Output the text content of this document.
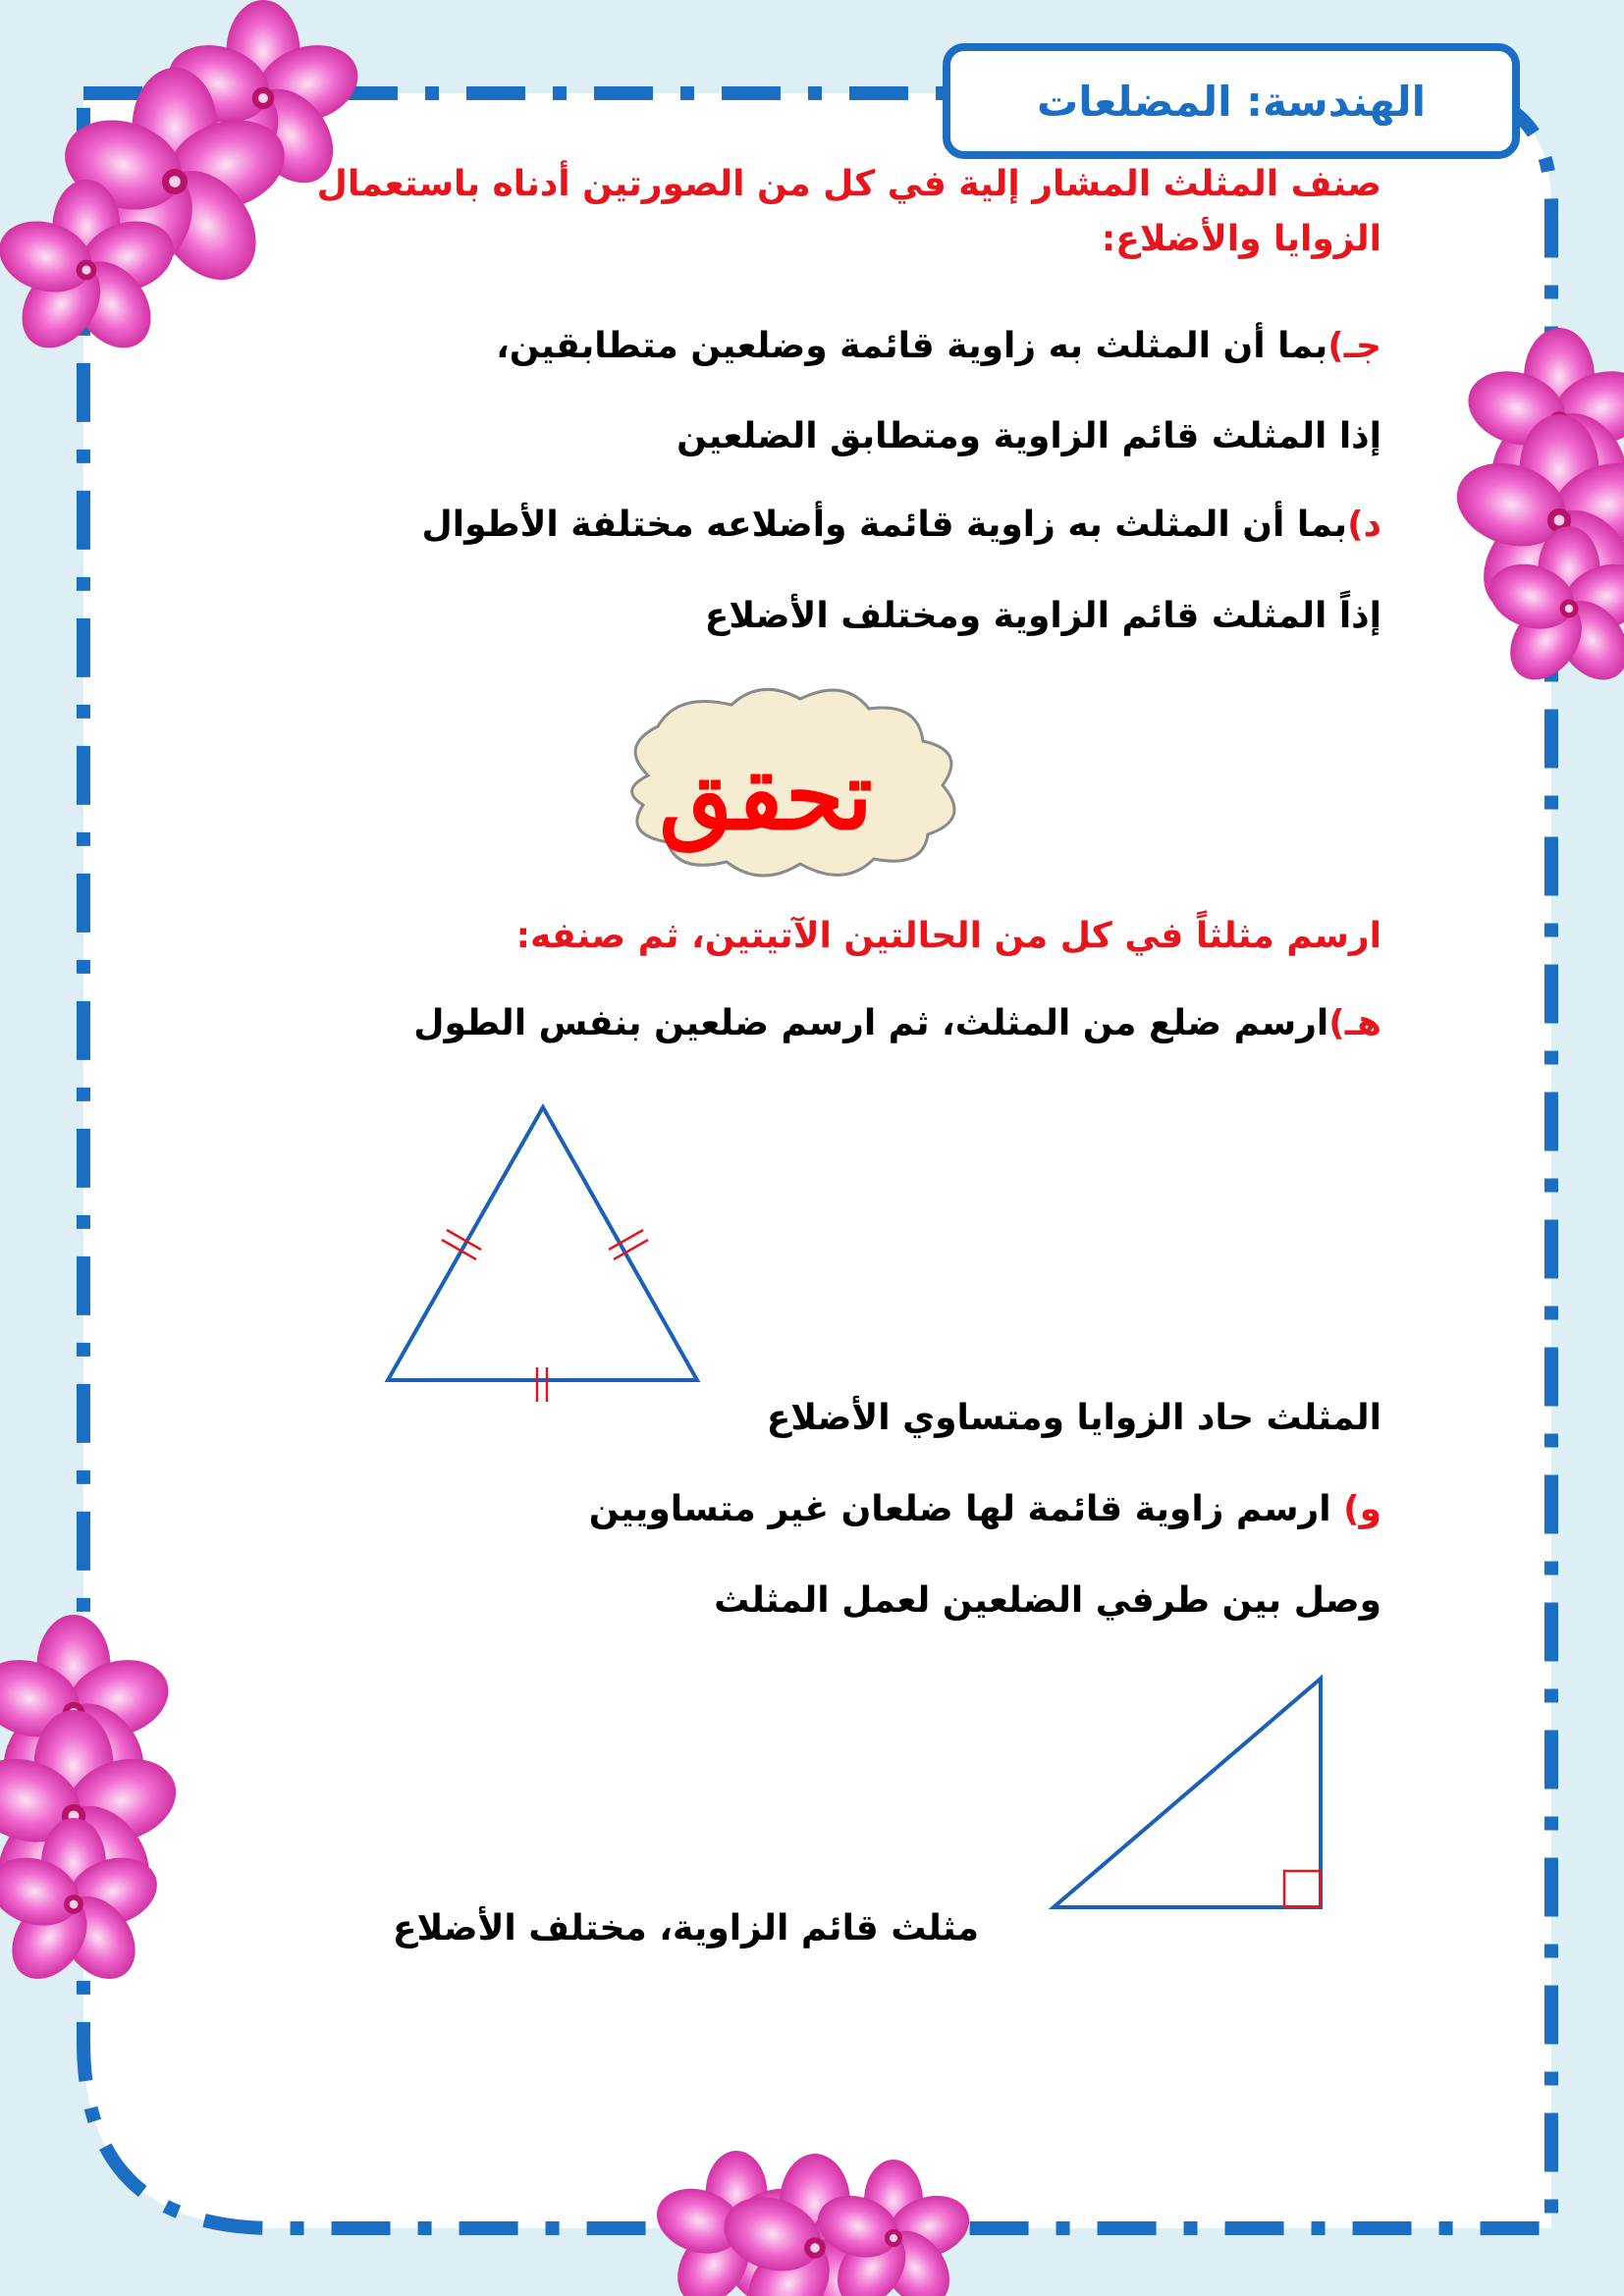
الهندسة: المضلعات
صنف المثلث المشار إلية في كل من الصورتين أدناه باستعمال الزوايا والأضلاع:
جـ)بما أن المثلث به زاوية قائمة وضلعين متطابقين،
إذا المثلث قائم الزاوية ومتطابق الضلعين
د)بما أن المثلث به زاوية قائمة وأضلاعه مختلفة الأطوال
إذاً المثلث قائم الزاوية ومختلف الأضلاع
تحقق
ارسم مثلثاً في كل من الحالتين الآتيتين، ثم صنفه:
هـ)ارسم ضلع من المثلث، ثم ارسم ضلعين بنفس الطول
المثلث حاد الزوايا ومتساوي الأضلاع
و) ارسم زاوية قائمة لها ضلعان غير متساويين
وصل بين طرفي الضلعين لعمل المثلث
مثلث قائم الزاوية، مختلف الأضلاع
